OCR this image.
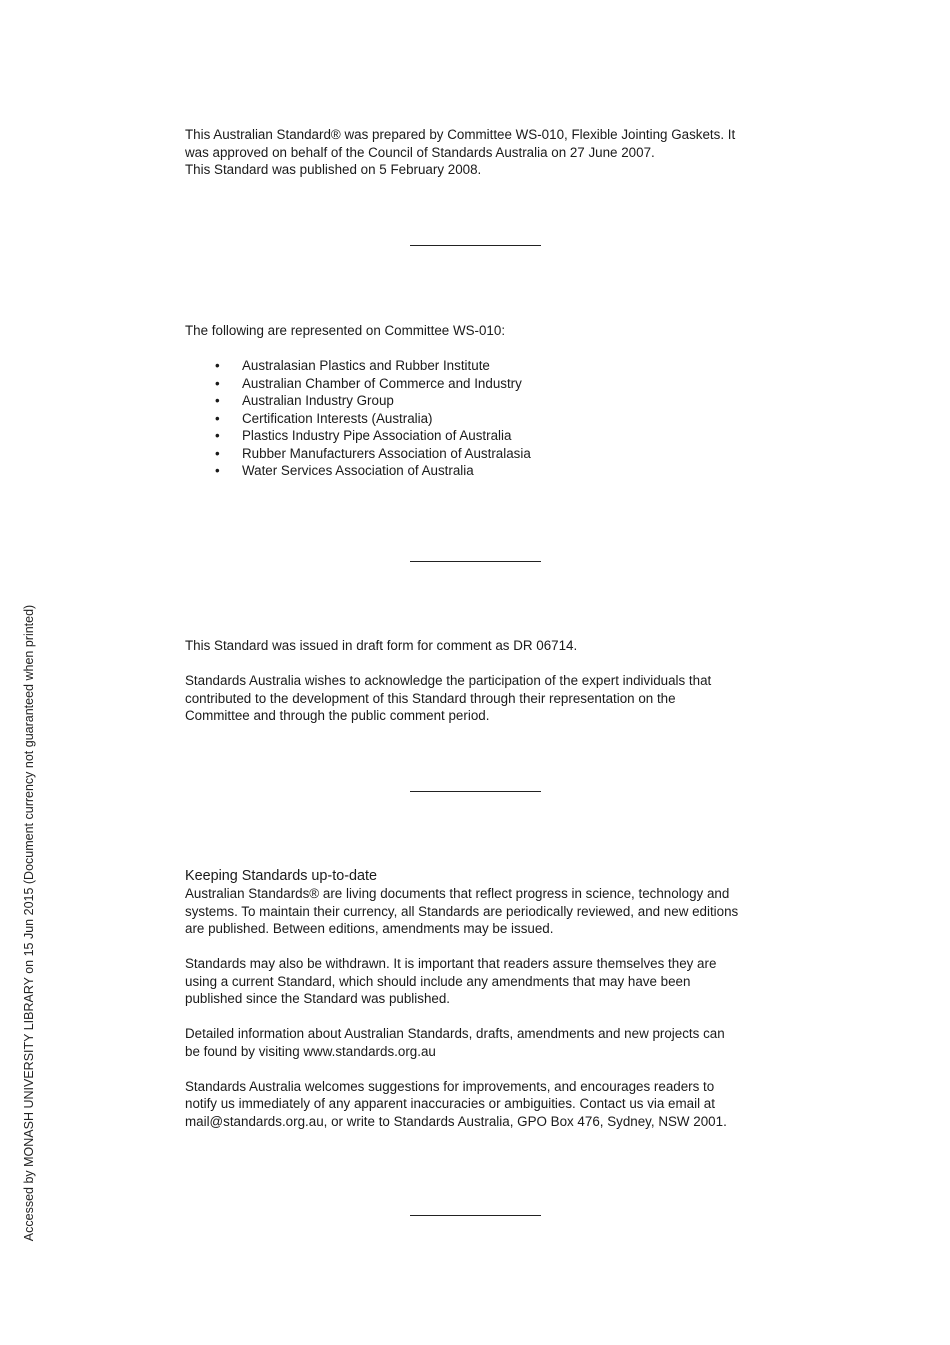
Accessed by MONASH UNIVERSITY LIBRARY on 15 Jun 2015 (Document currency not guaranteed when printed)

This Australian Standard® was prepared by Committee WS-010, Flexible Jointing Gaskets. It
was approved on behalf of the Council of Standards Australia on 27 June 2007.
This Standard was published on 5 February 2008.

The following are represented on Committee WS-010:

• Australasian Plastics and Rubber Institute
• Australian Chamber of Commerce and Industry
• Australian Industry Group
• Certification Interests (Australia)
• Plastics Industry Pipe Association of Australia
• Rubber Manufacturers Association of Australasia
• Water Services Association of Australia

This Standard was issued in draft form for comment as DR 06714.

Standards Australia wishes to acknowledge the participation of the expert individuals that
contributed to the development of this Standard through their representation on the
Committee and through the public comment period.

Keeping Standards up-to-date

Australian Standards® are living documents that reflect progress in science, technology and
systems. To maintain their currency, all Standards are periodically reviewed, and new editions
are published. Between editions, amendments may be issued.

Standards may also be withdrawn. It is important that readers assure themselves they are
using a current Standard, which should include any amendments that may have been
published since the Standard was published.

Detailed information about Australian Standards, drafts, amendments and new projects can
be found by visiting www.standards.org.au

Standards Australia welcomes suggestions for improvements, and encourages readers to
notify us immediately of any apparent inaccuracies or ambiguities. Contact us via email at
mail@standards.org.au, or write to Standards Australia, GPO Box 476, Sydney, NSW 2001.
